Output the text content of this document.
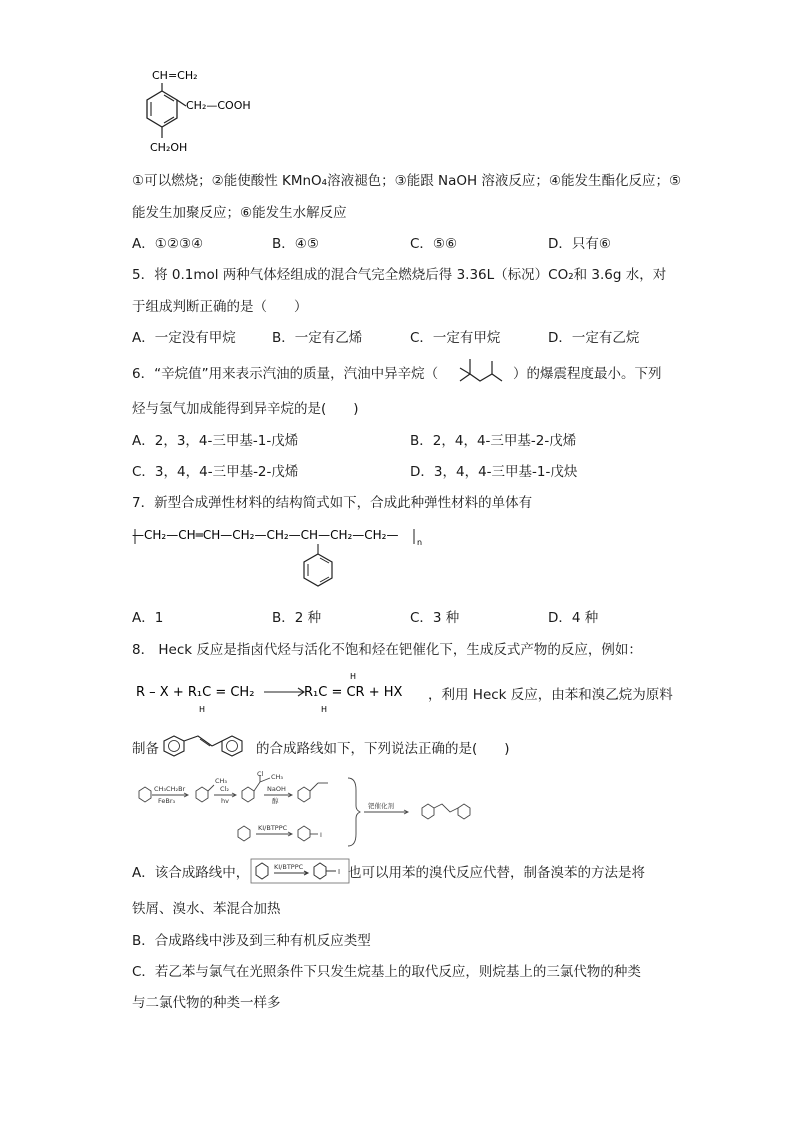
CH=CH₂
CH₂—COOH
CH₂OH
①可以燃烧；②能使酸性 KMnO₄溶液褪色；③能跟 NaOH 溶液反应；④能发生酯化反应；⑤
能发生加聚反应；⑥能发生水解反应
A．①②③④	B．④⑤	C．⑤⑥	D．只有⑥
5．将 0.1mol 两种气体烃组成的混合气完全燃烧后得 3.36L（标况）CO₂和 3.6g 水，对
于组成判断正确的是（　　）
A．一定没有甲烷	B．一定有乙烯	C．一定有甲烷	D．一定有乙烷
6．“辛烷值”用来表示汽油的质量，汽油中异辛烷（	）的爆震程度最小。下列
烃与氢气加成能得到异辛烷的是(　　)
A．2，3，4-三甲基-1-戊烯	B．2，4，4-三甲基-2-戊烯
C．3，4，4-三甲基-2-戊烯	D．3，4，4-三甲基-1-戊炔
7．新型合成弹性材料的结构简式如下，合成此种弹性材料的单体有
—CH₂—CH═CH—CH₂—CH₂—CH—CH₂—CH₂—
n
A．1	B．2 种	C．3 种	D．4 种
8． Heck 反应是指卤代烃与活化不饱和烃在钯催化下，生成反式产物的反应，例如：
R – X + R₁C = CH₂
H
R₁C = CR + HX
H
H
，利用 Heck 反应，由苯和溴乙烷为原料
制备	的合成路线如下，下列说法正确的是(　　)
CH₃CH₂Br
FeBr₃
CH₃
Cl₂
hv
Cl CH₃
NaOH
醇
KI/BTPPC
I
钯催化剂
A．该合成路线中，	KI/BTPPC
I 也可以用苯的溴代反应代替，制备溴苯的方法是将
铁屑、溴水、苯混合加热
B．合成路线中涉及到三种有机反应类型
C．若乙苯与氯气在光照条件下只发生烷基上的取代反应，则烷基上的三氯代物的种类
与二氯代物的种类一样多
